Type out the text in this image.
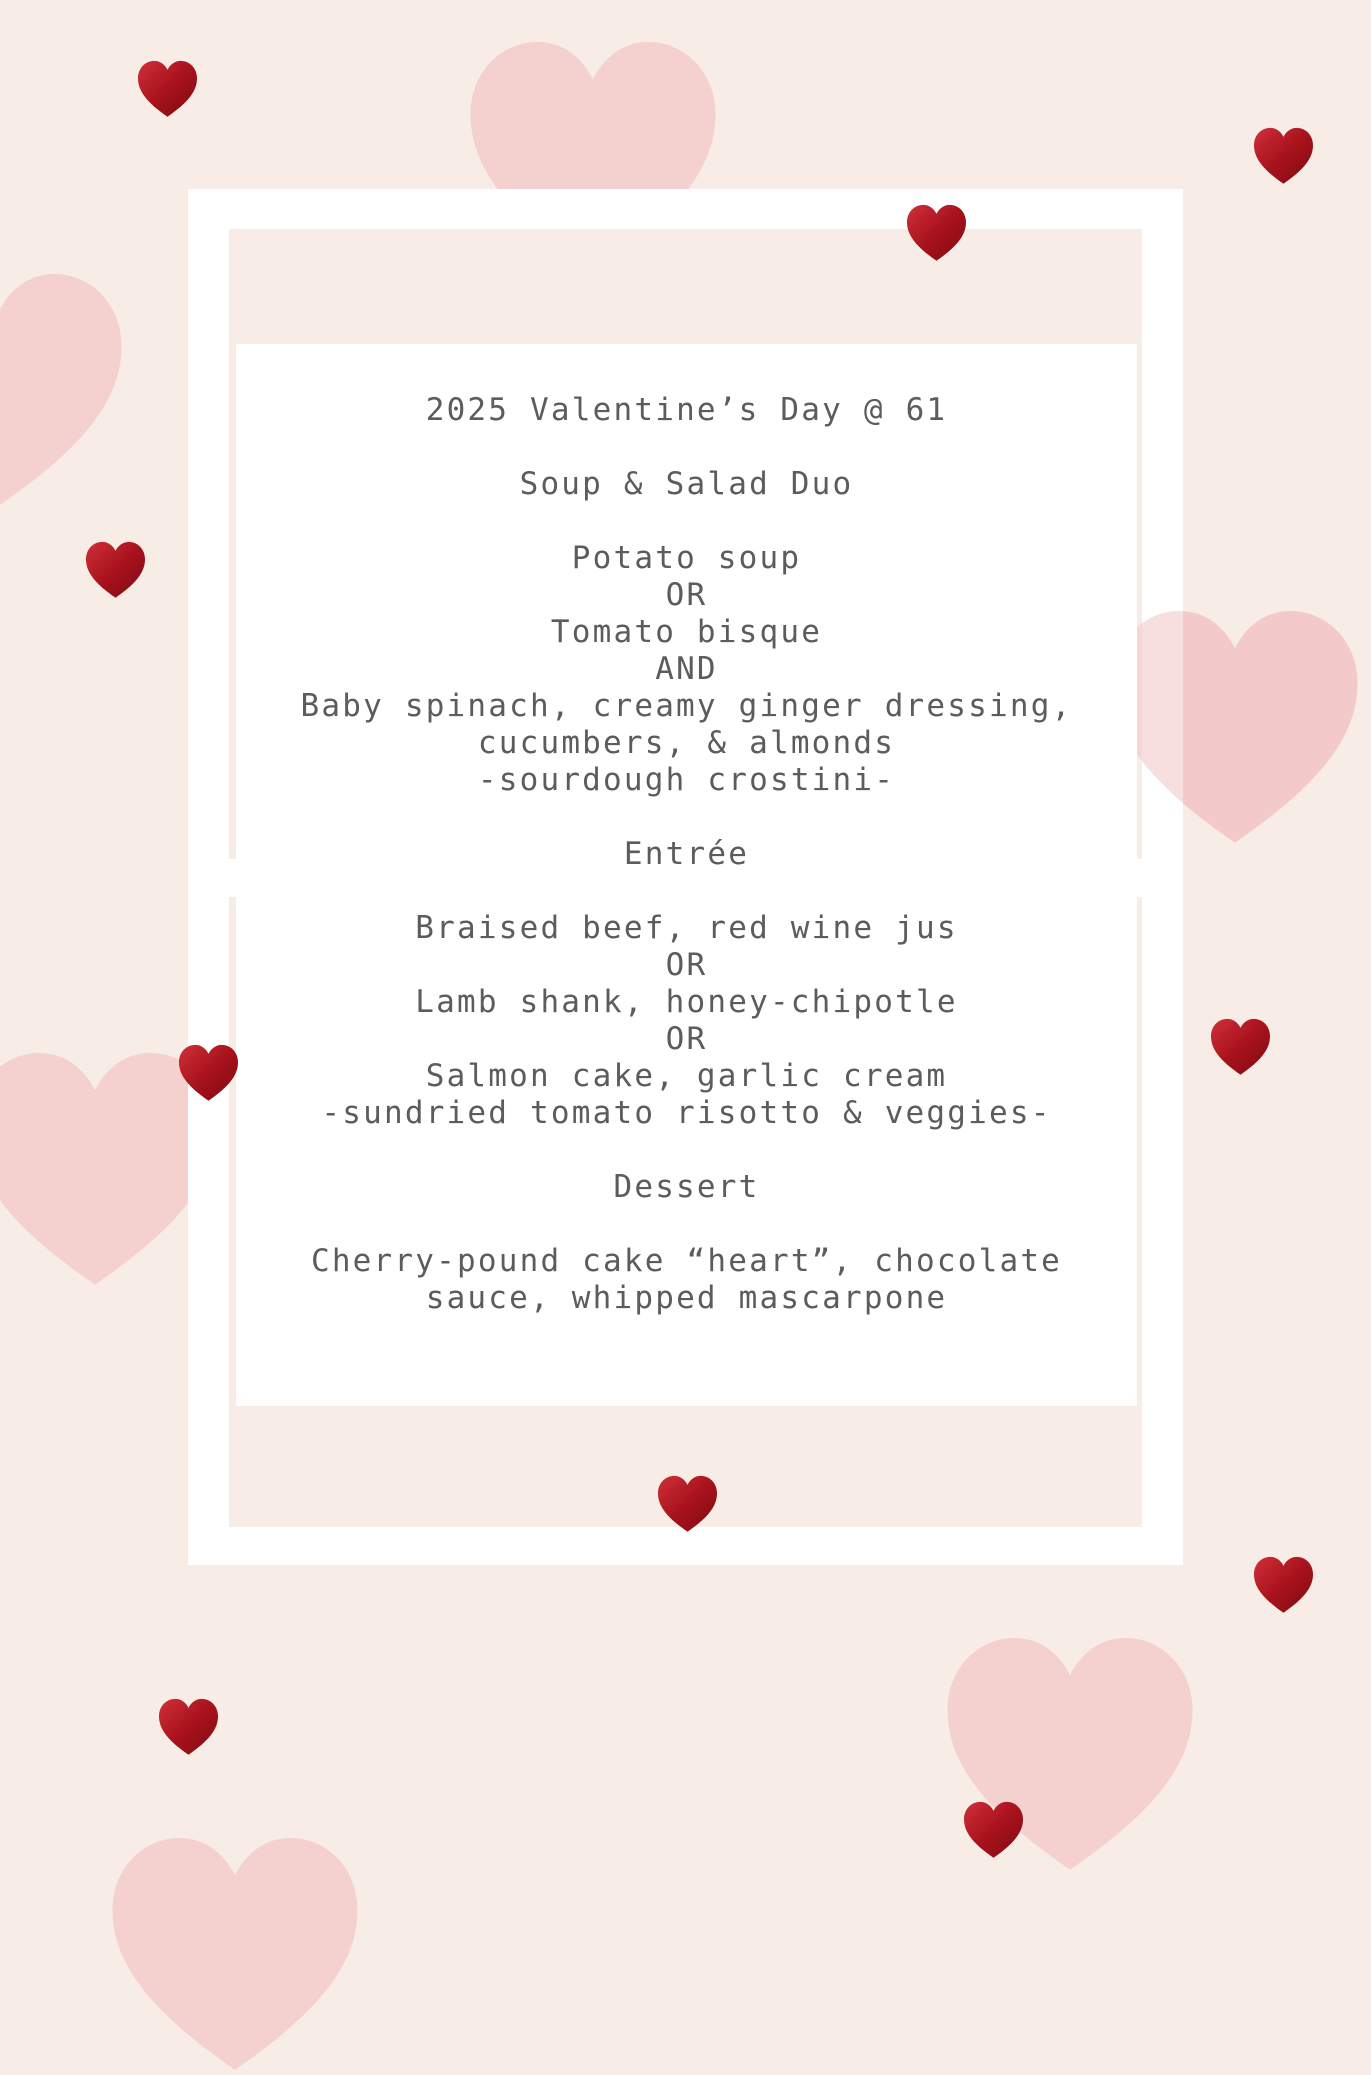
2025 Valentine’s Day @ 61
Soup & Salad Duo
Potato soup
OR
Tomato bisque
AND
Baby spinach, creamy ginger dressing,
cucumbers, & almonds
-sourdough crostini-
Entrée
Braised beef, red wine jus
OR
Lamb shank, honey-chipotle
OR
Salmon cake, garlic cream
-sundried tomato risotto & veggies-
Dessert
Cherry-pound cake “heart”, chocolate
sauce, whipped mascarpone
